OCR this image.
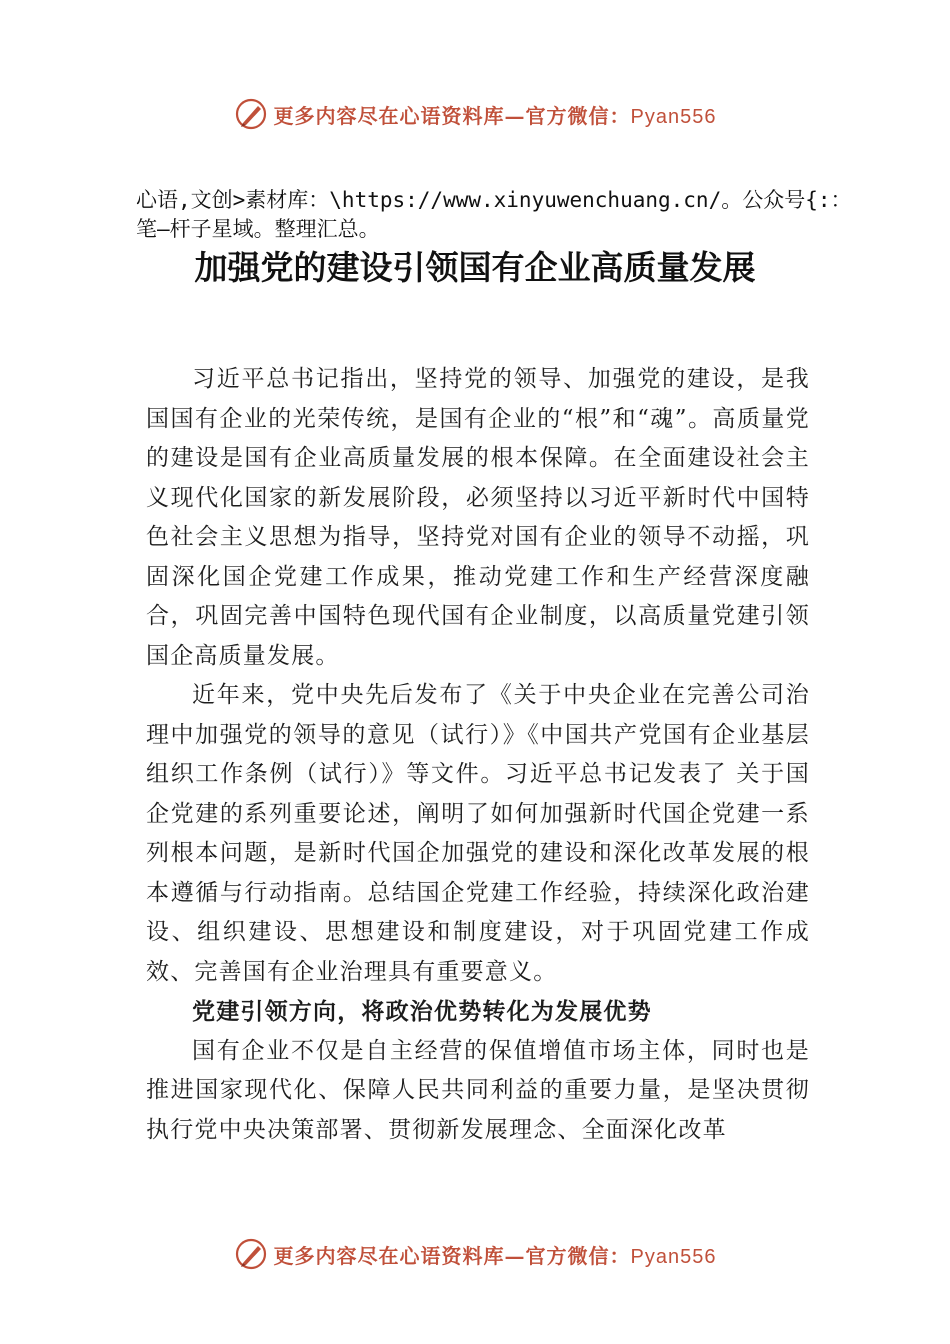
更多内容尽在心语资料库—官方微信：Pyan556
心语,文创>素材库：\https://www.xinyuwenchuang.cn/。公众号{:：笔—杆子星域。整理汇总。
加强党的建设引领国有企业高质量发展

习近平总书记指出，坚持党的领导、加强党的建设，是我国国有企业的光荣传统，是国有企业的“根”和“魂”。高质量党的建设是国有企业高质量发展的根本保障。在全面建设社会主义现代化国家的新发展阶段，必须坚持以习近平新时代中国特色社会主义思想为指导，坚持党对国有企业的领导不动摇，巩固深化国企党建工作成果，推动党建工作和生产经营深度融合，巩固完善中国特色现代国有企业制度，以高质量党建引领国企高质量发展。

近年来，党中央先后发布了《关于中央企业在完善公司治理中加强党的领导的意见（试行）》《中国共产党国有企业基层组织工作条例（试行）》等文件。习近平总书记发表了 关于国企党建的系列重要论述，阐明了如何加强新时代国企党建一系列根本问题，是新时代国企加强党的建设和深化改革发展的根本遵循与行动指南。总结国企党建工作经验，持续深化政治建设、组织建设、思想建设和制度建设，对于巩固党建工作成效、完善国有企业治理具有重要意义。

党建引领方向，将政治优势转化为发展优势

国有企业不仅是自主经营的保值增值市场主体，同时也是推进国家现代化、保障人民共同利益的重要力量，是坚决贯彻执行党中央决策部署、贯彻新发展理念、全面深化改革

更多内容尽在心语资料库—官方微信：Pyan556
